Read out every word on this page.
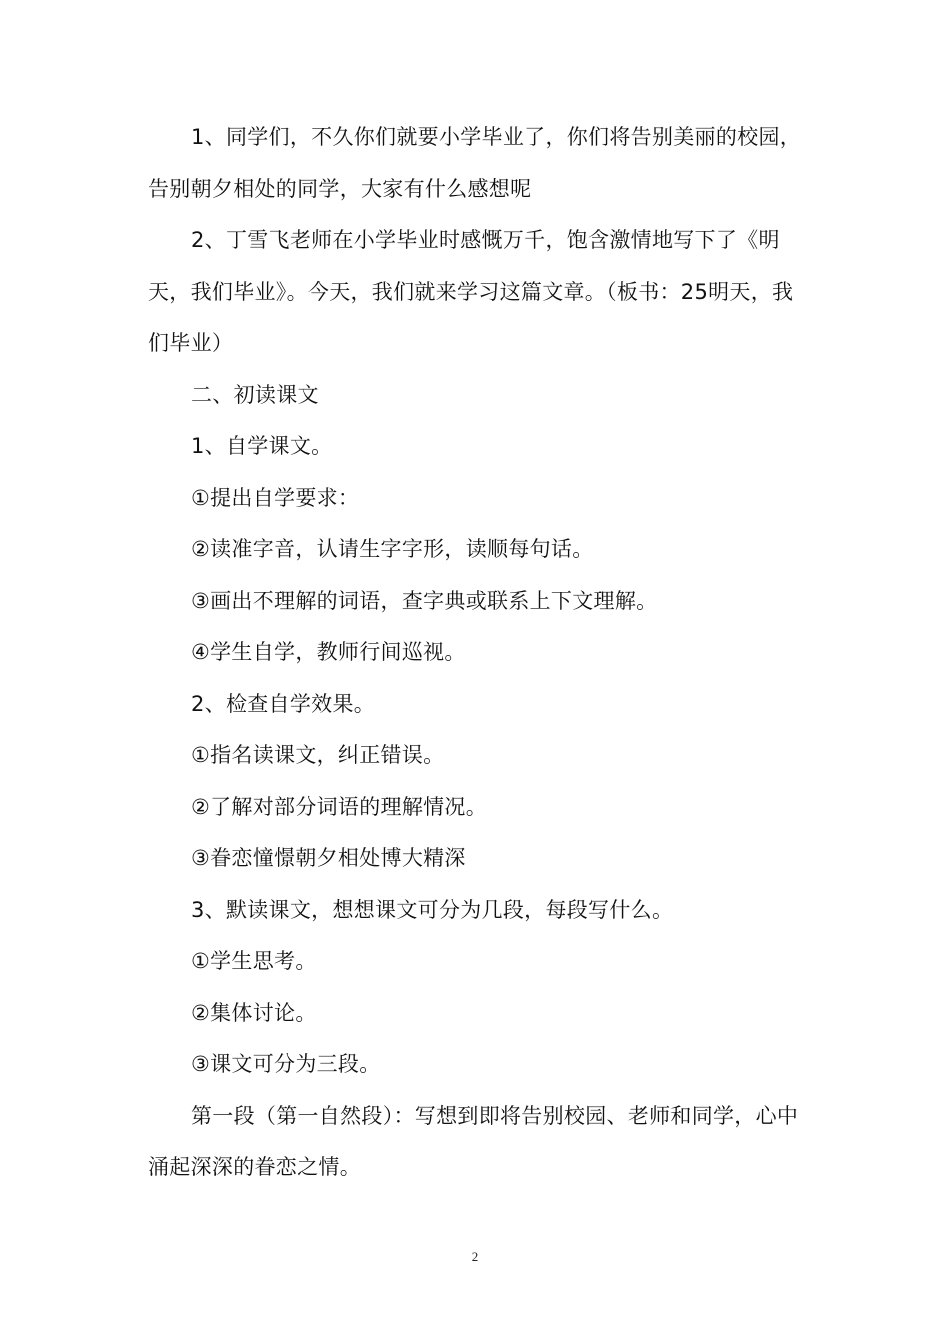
1、同学们，不久你们就要小学毕业了，你们将告别美丽的校园，告别朝夕相处的同学，大家有什么感想呢

2、丁雪飞老师在小学毕业时感慨万千，饱含激情地写下了《明天，我们毕业》。今天，我们就来学习这篇文章。（板书：25明天，我们毕业）

二、初读课文

1、自学课文。

①提出自学要求：

②读准字音，认请生字字形，读顺每句话。

③画出不理解的词语，查字典或联系上下文理解。

④学生自学，教师行间巡视。

2、检查自学效果。

①指名读课文，纠正错误。

②了解对部分词语的理解情况。

③眷恋憧憬朝夕相处博大精深

3、默读课文，想想课文可分为几段，每段写什么。

①学生思考。

②集体讨论。

③课文可分为三段。

第一段（第一自然段）：写想到即将告别校园、老师和同学，心中涌起深深的眷恋之情。

2
